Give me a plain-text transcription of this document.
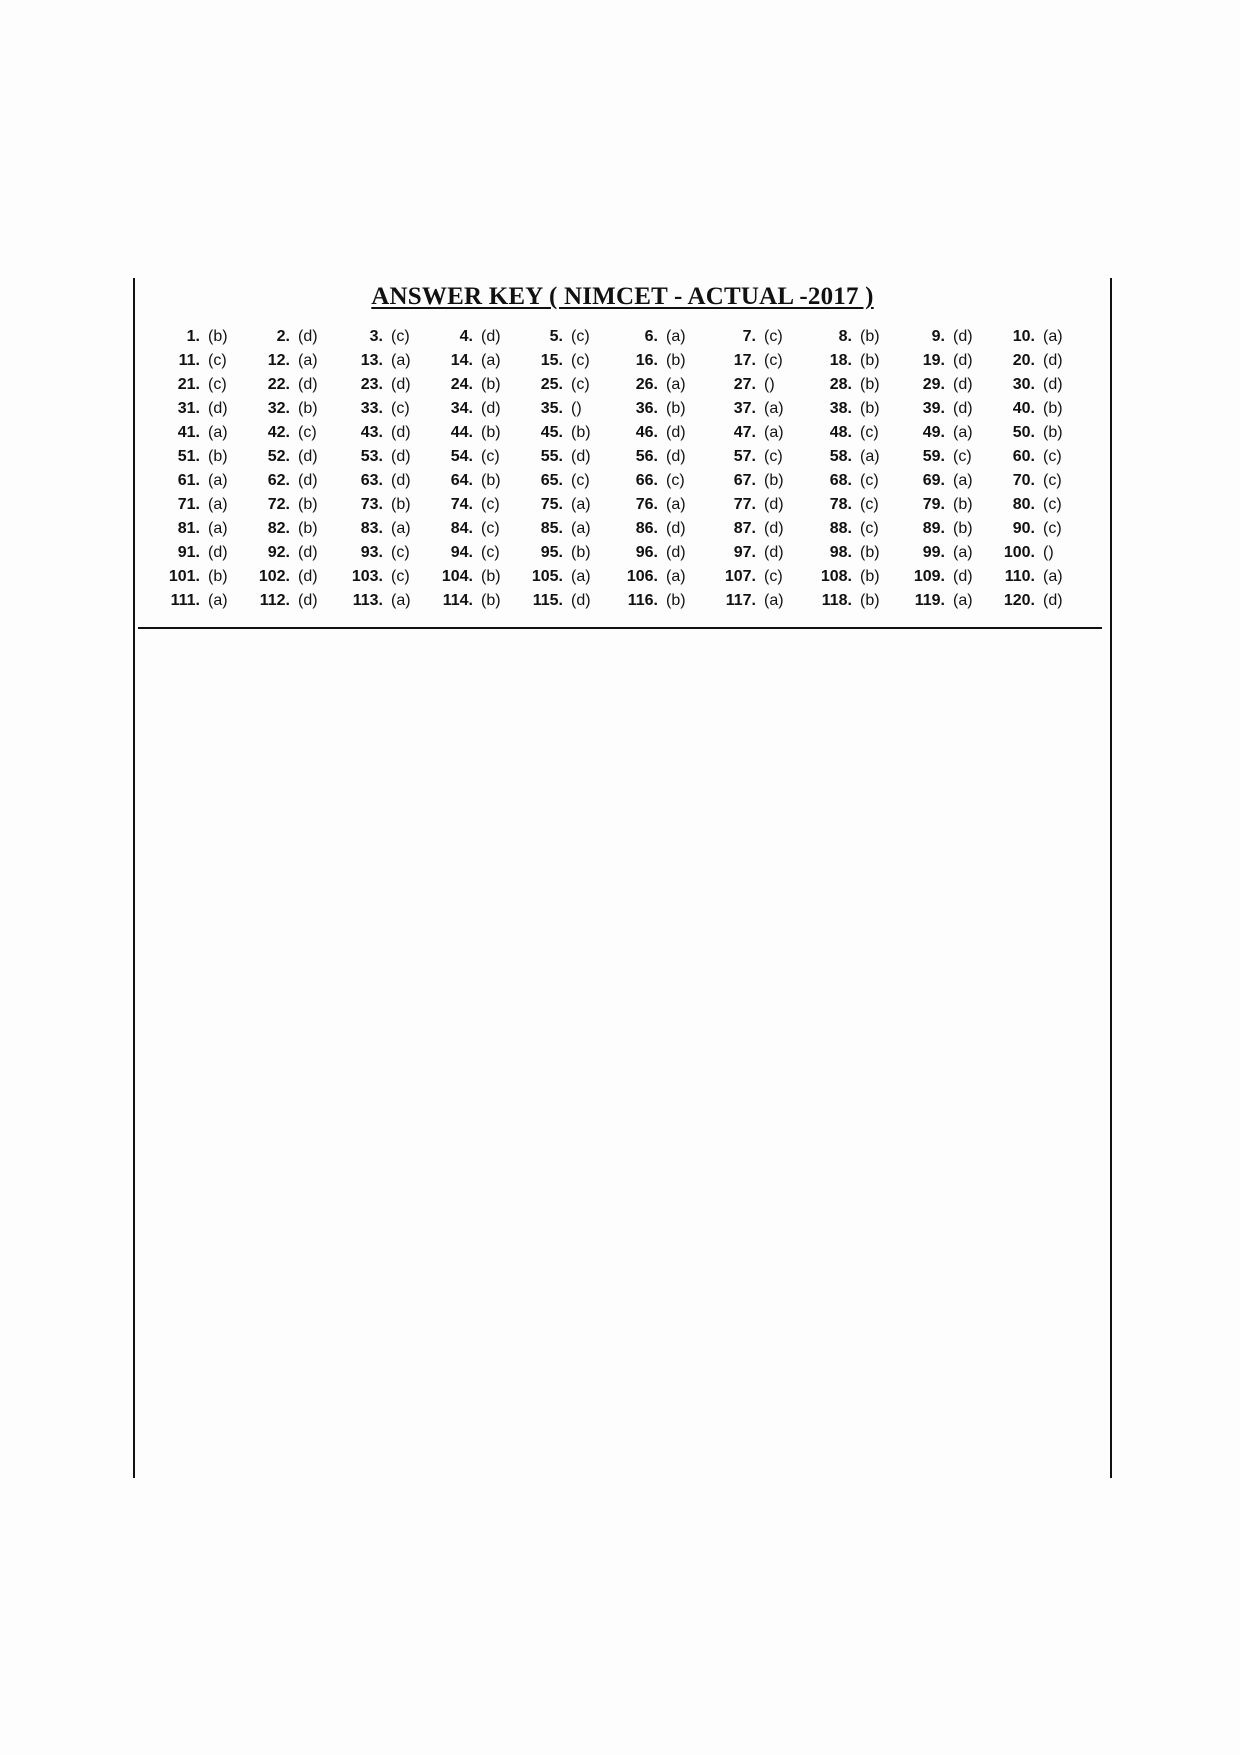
ANSWER KEY ( NIMCET - ACTUAL -2017 )
1. (b)	2. (d)	3. (c)	4. (d)	5. (c)	6. (a)	7. (c)	8. (b)	9. (d)	10. (a)
11. (c)	12. (a)	13. (a)	14. (a)	15. (c)	16. (b)	17. (c)	18. (b)	19. (d)	20. (d)
21. (c)	22. (d)	23. (d)	24. (b)	25. (c)	26. (a)	27. ()	28. (b)	29. (d)	30. (d)
31. (d)	32. (b)	33. (c)	34. (d)	35. ()	36. (b)	37. (a)	38. (b)	39. (d)	40. (b)
41. (a)	42. (c)	43. (d)	44. (b)	45. (b)	46. (d)	47. (a)	48. (c)	49. (a)	50. (b)
51. (b)	52. (d)	53. (d)	54. (c)	55. (d)	56. (d)	57. (c)	58. (a)	59. (c)	60. (c)
61. (a)	62. (d)	63. (d)	64. (b)	65. (c)	66. (c)	67. (b)	68. (c)	69. (a)	70. (c)
71. (a)	72. (b)	73. (b)	74. (c)	75. (a)	76. (a)	77. (d)	78. (c)	79. (b)	80. (c)
81. (a)	82. (b)	83. (a)	84. (c)	85. (a)	86. (d)	87. (d)	88. (c)	89. (b)	90. (c)
91. (d)	92. (d)	93. (c)	94. (c)	95. (b)	96. (d)	97. (d)	98. (b)	99. (a) 100. ()
101. (b) 102. (d) 103. (c) 104. (b) 105. (a) 106. (a) 107. (c) 108. (b) 109. (d) 110. (a)
111. (a) 112. (d) 113. (a) 114. (b) 115. (d) 116. (b)	117. (a) 118. (b) 119. (a) 120. (d)
